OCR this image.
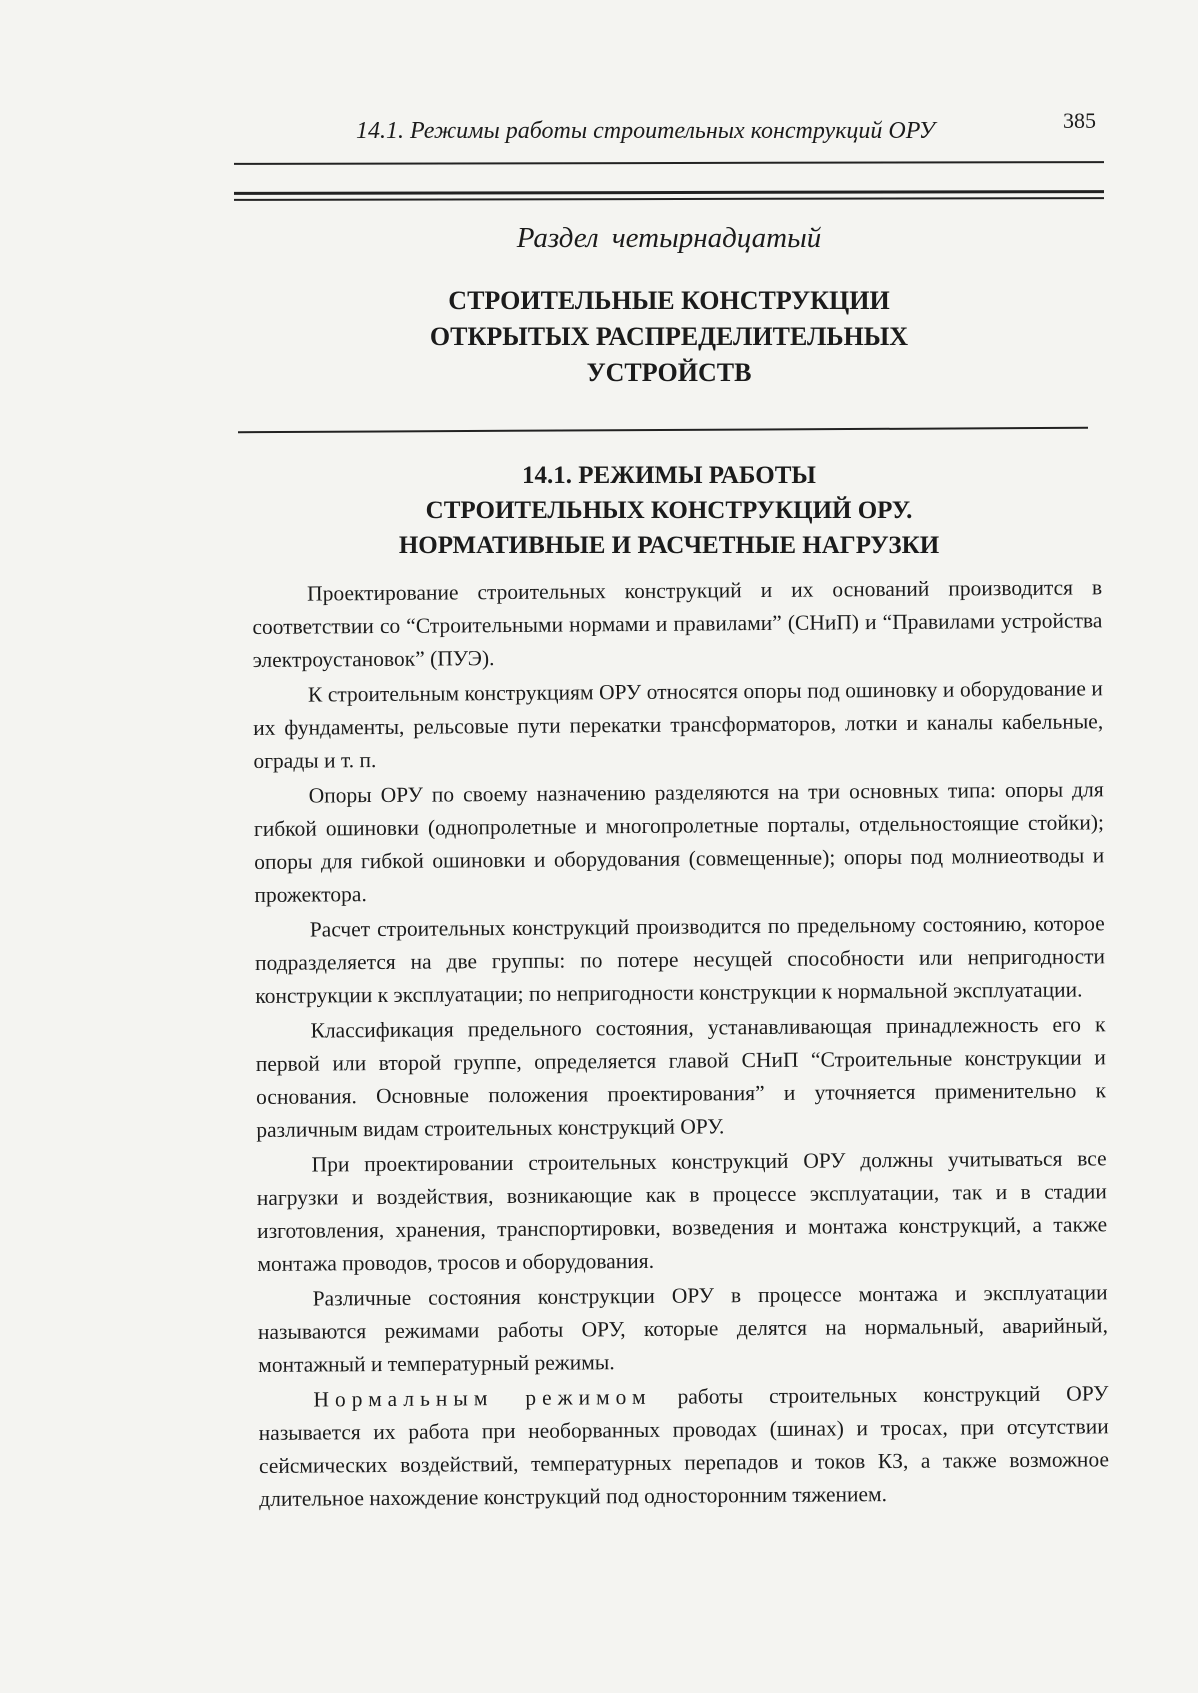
14.1. Режимы работы строительных конструкций ОРУ	385
Раздел четырнадцатый
СТРОИТЕЛЬНЫЕ КОНСТРУКЦИИ
ОТКРЫТЫХ РАСПРЕДЕЛИТЕЛЬНЫХ
УСТРОЙСТВ
14.1. РЕЖИМЫ РАБОТЫ
СТРОИТЕЛЬНЫХ КОНСТРУКЦИЙ ОРУ.
НОРМАТИВНЫЕ И РАСЧЕТНЫЕ НАГРУЗКИ

Проектирование строительных конструкций и их оснований производится в соответствии со “Строительными нормами и правилами” (СНиП) и “Правилами устройства электроустановок” (ПУЭ).

К строительным конструкциям ОРУ относятся опоры под ошиновку и оборудование и их фундаменты, рельсовые пути перекатки трансформаторов, лотки и каналы кабельные, ограды и т. п.

Опоры ОРУ по своему назначению разделяются на три основных типа: опоры для гибкой ошиновки (однопролетные и многопролетные порталы, отдельностоящие стойки); опоры для гибкой ошиновки и оборудования (совмещенные); опоры под молниеотводы и прожектора.

Расчет строительных конструкций производится по предельному состоянию, которое подразделяется на две группы: по потере несущей способности или непригодности конструкции к эксплуатации; по непригодности конструкции к нормальной эксплуатации.

Классификация предельного состояния, устанавливающая принадлежность его к первой или второй группе, определяется главой СНиП “Строительные конструкции и основания. Основные положения проектирования” и уточняется применительно к различным видам строительных конструкций ОРУ.

При проектировании строительных конструкций ОРУ должны учитываться все нагрузки и воздействия, возникающие как в процессе эксплуатации, так и в стадии изготовления, хранения, транспортировки, возведения и монтажа конструкций, а также монтажа проводов, тросов и оборудования.

Различные состояния конструкции ОРУ в процессе монтажа и эксплуатации называются режимами работы ОРУ, которые делятся на нормальный, аварийный, монтажный и температурный режимы.

Нормальным режимом работы строительных конструкций ОРУ называется их работа при необорванных проводах (шинах) и тросах, при отсутствии сейсмических воздействий, температурных перепадов и токов КЗ, а также возможное длительное нахождение конструкций под односторонним тяжением.
